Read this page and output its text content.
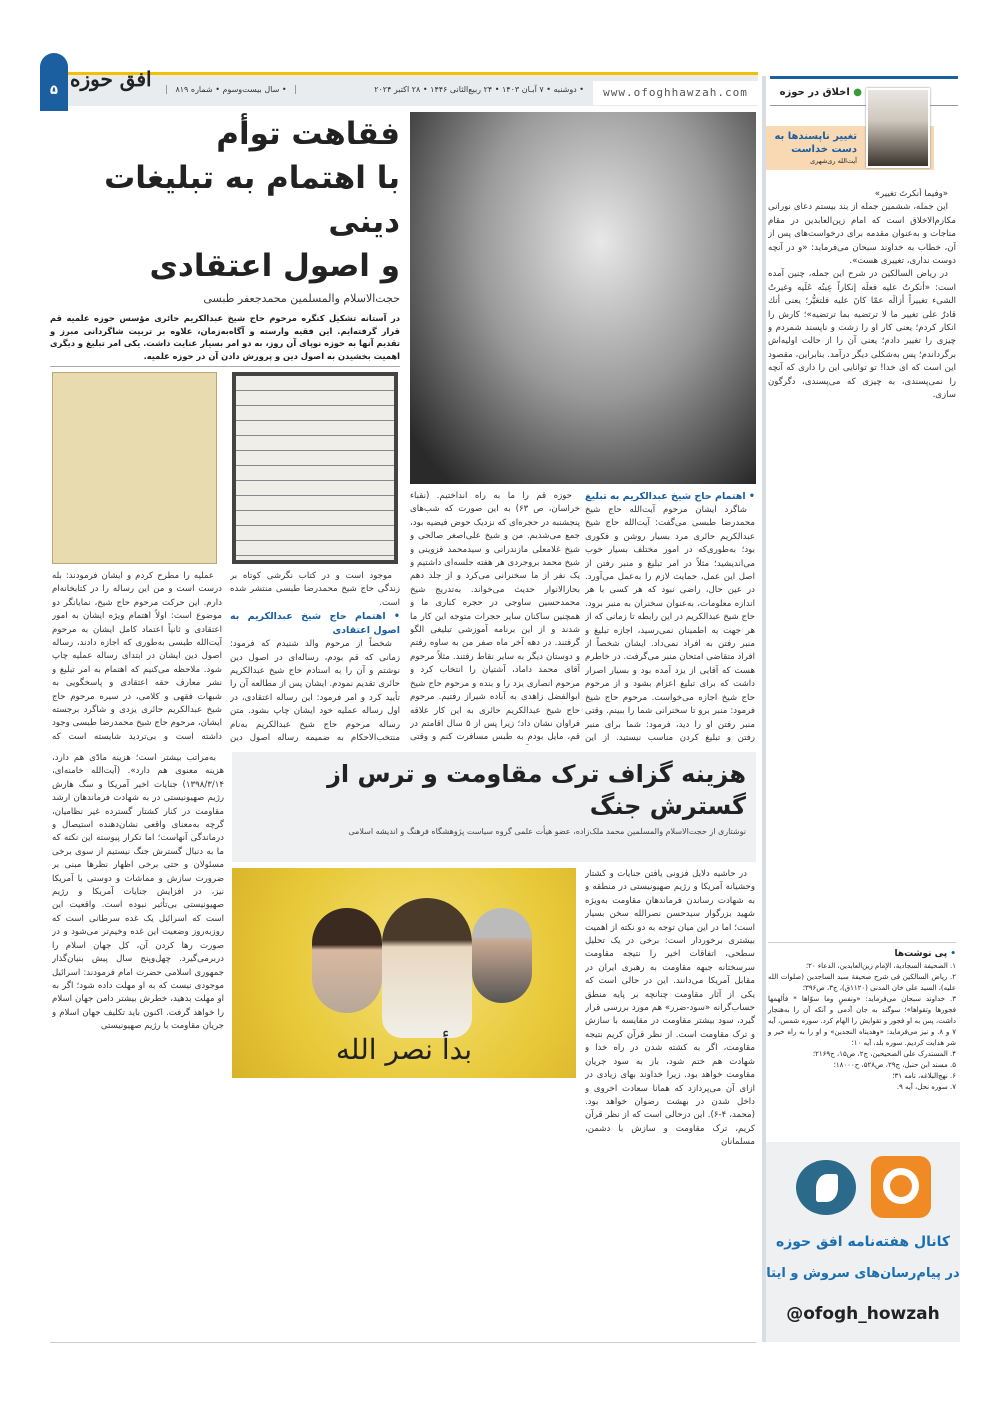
۵ افق حوزه	• سال بیست‌وسوم • شماره ۸۱۹	• دوشنبه • ۷ آبـان ۱۴۰۳ • ۲۴ ربیع‌الثانی ۱۴۴۶ • ۲۸ اکتبر ۲۰۲۴	www.ofoghhawzah.com	● اخلاق در حوزه
تغییر ناپسندها به دست خداست
آیت‌الله ری‌شهری

«وفیما أنكرتَ تغییر»

این جمله، ششمین جمله از بند بیستم دعای نورانی مکارم‌الاخلاق است که امام زین‌العابدین در مقام مناجات و به‌عنوان مقدمه برای درخواست‌های پس از آن، خطاب به خداوند سبحان می‌فرماید: «و در آنچه دوست نداری، تغییری هست».

در ریاض السالکین در شرح این جمله، چنین آمده است: «أنكرتُ علیه فعلَه إنكاراً عِبتُه عَلَیه وغیرتُ الشیء تغییراً أزالَه عمّا كانَ علیه فلتغیُّر؛ یعنی أنك قادرٌ علی تغییر ما لا ترتضیه بما ترتضیه»؛ کارش را انکار کردم؛ یعنی کار او را زشت و ناپسند شمردم و چیزی را تغییر دادم؛ یعنی آن را از حالت اولیه‌اش برگرداندم؛ پس به‌شکلی دیگر درآمد. بنابراین، مقصود این است که ای خدا! تو توانایی این را داری که آنچه را نمی‌پسندی، به چیزی که می‌پسندی، دگرگون سازی.

• پی نوشت‌ها
۱. الصحیفة السجادیة، الإمام زین‌العابدین، الدعاء ۲۰؛
۲. ریاض السالکین فی شرح صحیفة سید الساجدین (صلوات الله علیه)، السید علی خان المدنی (۱۱۲۰ق)، ج۳، ص۳۹۶؛
۳. خداوند سبحان می‌فرماید: «ونفسٍ وما سوّاها * فألهمها فجورها وتقواها»؛ سوگند به جان آدمی و آنکه آن را به‌هنجار داشت، پس به او فجور و تقوایش را الهام کرد. سوره شمس، آیه ۷ و ۸. و نیز می‌فرماید: «وهدیناه النجدین» و او را به راه خیر و شر هدایت کردیم. سوره بلد، آیه ۱۰؛
۴. المستدرک علی الصحیحین، ج۲، ص۱۵، ح۲۱۶۹؛
۵. مسند ابن حنبل، ج۲۹، ص۵۲۸، ح۱۸۰۰۰؛
۶. نهج‌البلاغه، نامه ۳۱؛
۷. سوره نحل، آیه ۹.
کانال هفته‌نامه افق حوزه
در پیام‌رسان‌های سروش و ایتا
@ofogh_howzah
فقاهت توأم
با اهتمام به تبلیغات دینی
و اصول اعتقادی
حجت‌الاسلام والمسلمین محمدجعفر طبسی
در آستانه تشکیل کنگره مرحوم حاج شیخ عبدالکریم حائری مؤسس حوزه علمیه قم قرار گرفته‌ایم. این فقیه وارسته و آگاه‌به‌زمان، علاوه بر تربیت شاگردانی مبرز و تقدیم آنها به حوزه نوپای آن روز، به دو امر بسیار عنایت داشت. یکی امر تبلیغ و دیگری اهمیت بخشیدن به اصول دین و پرورش دادن آن در حوزه علمیه.
• اهتمام حاج شیخ عبدالکریم به تبلیغ

شاگرد ایشان مرحوم آیت‌الله حاج شیخ محمدرضا طبسی می‌گفت: آیت‌الله حاج شیخ عبدالکریم حائری مرد بسیار روشن و فکوری بود؛ به‌طوری‌که در امور مختلف بسیار خوب می‌اندیشید؛ مثلاً در امر تبلیغ و منبر رفتن از اصل این عمل، حمایت لازم را به‌عمل می‌آورد. در عین حال، راضی نبود که هر کسی با هر اندازه معلومات، به‌عنوان سخنران به منبر برود. حاج شیخ عبدالکریم در این رابطه تا زمانی که از هر جهت به اطمینان نمی‌رسید، اجازه تبلیغ و منبر رفتن به افراد نمی‌داد. ایشان شخصاً از افراد متقاضی امتحان منبر می‌گرفت. در خاطرم هست که آقایی از یزد آمده بود و بسیار اصرار داشت که برای تبلیغ اعزام بشود و از مرحوم حاج شیخ اجازه می‌خواست. مرحوم حاج شیخ فرمود: منبر برو تا سخنرانی شما را ببینم. وقتی منبر رفتن او را دید، فرمود: شما برای منبر رفتن و تبلیغ کردن مناسب نیستید. از این

حوزه قم را ما به راه انداختیم. (نقباء خراسان، ص ۶۳) به این صورت که شب‌های پنجشنبه در حجره‌ای که نزدیک حوض فیضیه بود، جمع می‌شدیم. من و شیخ علی‌اصغر صالحی و شیخ غلامعلی مازندرانی و سیدمحمد قزوینی و شیخ محمد بروجردی هر هفته جلسه‌ای داشتیم و یک نفر از ما سخنرانی می‌کرد و از جلد دهم بحارالانوار حدیث می‌خواند. به‌تدریج شیخ محمدحسین ساوجی در حجره کناری ما و همچنین ساکنان سایر حجرات متوجه این کار ما شدند و از این برنامه آموزشی تبلیغی الگو گرفتند. در دهه آخر ماه صفر من به ساوه رفتم و دوستان دیگر به سایر نقاط رفتند. مثلاً مرحوم آقای محمد داماد، آشتیان را انتخاب کرد و مرحوم انصاری یزد را و بنده و مرحوم حاج شیخ ابوالفضل زاهدی به آباده شیراز رفتیم. مرحوم حاج شیخ عبدالکریم حائری به این کار علاقه فراوان نشان داد؛ زیرا پس از ۵ سال اقامتم در قم، مایل بودم به طبس مسافرت کنم و وقتی

موجود است و در کتاب نگرشی کوتاه بر زندگی حاج شیخ محمدرضا طبسی منتشر شده است.

• اهتمام حاج شیخ عبدالکریم به اصول اعتقادی

شخصاً از مرحوم والد شنیدم که فرمود: زمانی که قم بودم، رساله‌ای در اصول دین نوشتم و آن را به استادم حاج شیخ عبدالکریم حائری تقدیم نمودم. ایشان پس از مطالعه آن را تأیید کرد و امر فرمود: این رساله اعتقادی، در اول رساله عملیه خود ایشان چاپ بشود. متن رساله مرحوم حاج شیخ عبدالکریم به‌نام منتخب‌الاحکام به ضمیمه رساله اصول دین

عملیه را مطرح کردم و ایشان فرمودند: بله درست است و من این رساله را در کتابخانه‌ام دارم. این حرکت مرحوم حاج شیخ، نمایانگر دو موضوع است: اولاً اهتمام ویژه ایشان به امور اعتقادی و ثانیاً اعتماد کامل ایشان به مرحوم آیت‌الله طبسی به‌طوری که اجازه دادند، رساله اصول دین ایشان در ابتدای رساله عملیه چاپ شود. ملاحظه می‌کنیم که اهتمام به امر تبلیغ و نشر معارف حقه اعتقادی و پاسخگویی به شبهات فقهی و کلامی، در سیره مرحوم حاج شیخ عبدالکریم حائری یزدی و شاگرد برجسته ایشان، مرحوم حاج شیخ محمدرضا طبسی وجود داشته است و بی‌تردید شایسته است که

هزینه گزاف ترک مقاومت و ترس از گسترش جنگ
نوشتاری از حجت‌الاسلام والمسلمین محمد ملک‌زاده، عضو هیأت علمی گروه سیاست پژوهشگاه فرهنگ و اندیشه اسلامی
بدأ نصر الله

در حاشیه دلایل فزونی یافتن جنایات و کشتار وحشیانه آمریکا و رژیم صهیونیستی در منطقه و به شهادت رساندن فرماندهان مقاومت به‌ویژه شهید بزرگوار سیدحسن نصرالله سخن بسیار است؛ اما در این میان توجه به دو نکته از اهمیت بیشتری برخوردار است: برخی در یک تحلیل سطحی، اتفاقات اخیر را نتیجه مقاومت سرسختانه جبهه مقاومت به رهبری ایران در مقابل آمریکا می‌دانند. این در حالی است که یکی از آثار مقاومت چنانچه بر پایه منطق حساب‌گرانه «سود-ضرر» هم مورد بررسی قرار گیرد، سود بیشتر مقاومت در مقایسه با سازش و ترک مقاومت است. از نظر قرآن کریم نتیجه مقاومت، اگر به کشته شدن در راه خدا و شهادت هم ختم شود، باز به سود جریان مقاومت خواهد بود. زیرا خداوند بهای زیادی در ازای آن می‌پردازد که همانا سعادت اخروی و داخل شدن در بهشت رضوان خواهد بود. (محمد، ۴-۶). این درحالی است که از نظر قرآن کریم، ترک مقاومت و سازش با دشمن، مسلمانان

به‌مراتب بیشتر است؛ هزینه مادّی هم دارد، هزینه معنوی هم دارد». (آیت‌الله خامنه‌ای، ۱۳۹۸/۳/۱۴) جنایات اخیر آمریکا و سگ هارش رژیم صهیونیستی در به شهادت فرماندهان ارشد مقاومت در کنار کشتار گسترده غیر نظامیان، گرچه به‌معنای واقعی نشان‌دهنده استیصال و درماندگی آنهاست؛ اما تکرار پیوسته این نکته که ما به دنبال گسترش جنگ نیستیم از سوی برخی مسئولان و حتی برخی اظهار نظرها مبنی بر ضرورت سازش و مماشات و دوستی با آمریکا نیز، در افزایش جنایات آمریکا و رژیم صهیونیستی بی‌تأثیر نبوده است. واقعیت این است که اسرائیل یک غده سرطانی است که روزبه‌روز وضعیت این غده وخیم‌تر می‌شود و در صورت رها کردن آن، کل جهان اسلام را دربرمی‌گیرد. چهل‌وپنج سال پیش بنیان‌گذار جمهوری اسلامی حضرت امام فرمودند: اسرائیل موجودی نیست که به او مهلت داده شود؛ اگر به او مهلت بدهید، خطرش بیشتر دامن جهان اسلام را خواهد گرفت. اکنون باید تکلیف جهان اسلام و جریان مقاومت با رژیم صهیونیستی
